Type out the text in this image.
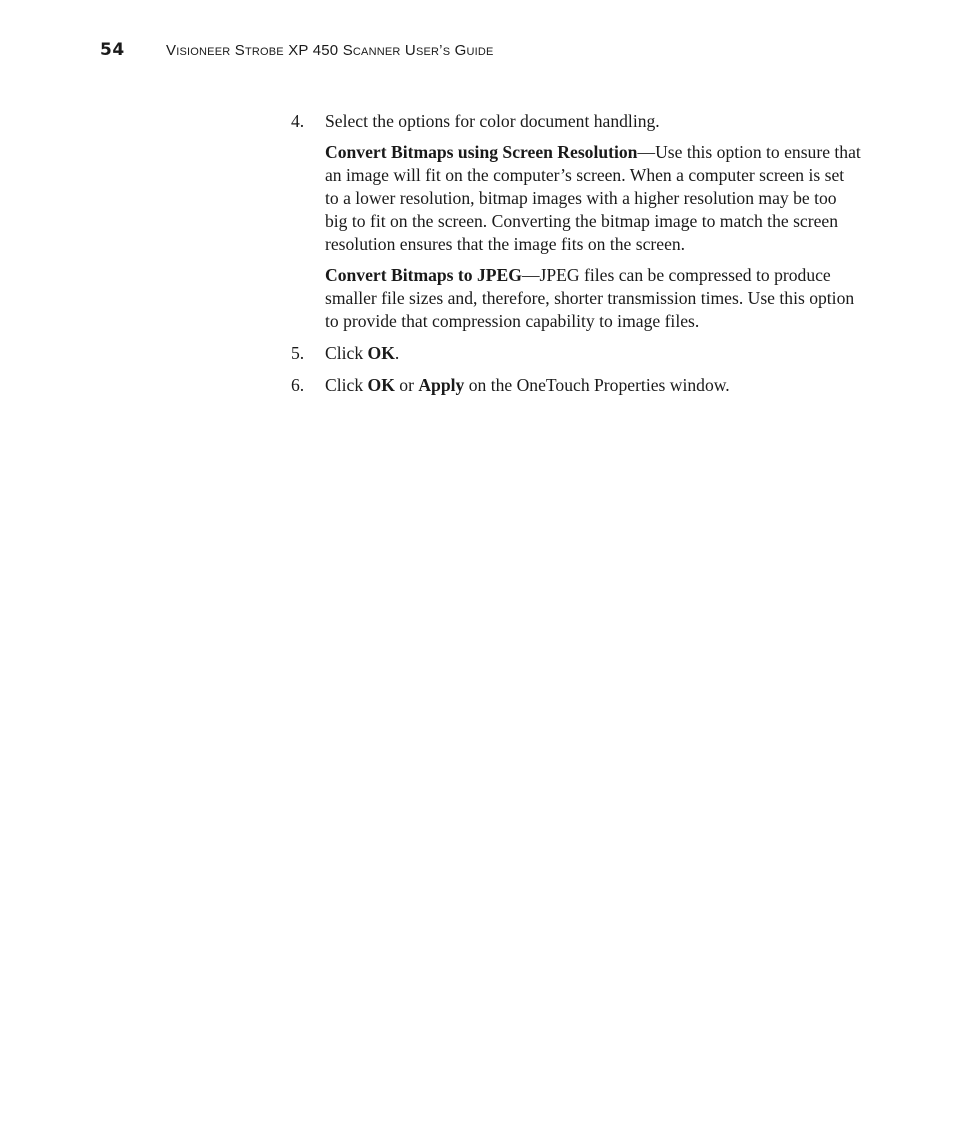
54	Visioneer Strobe XP 450 Scanner User’s Guide
4.	Select the options for color document handling.

Convert Bitmaps using Screen Resolution—Use this option to ensure that an image will fit on the computer’s screen. When a computer screen is set to a lower resolution, bitmap images with a higher resolution may be too big to fit on the screen. Converting the bitmap image to match the screen resolution ensures that the image fits on the screen.

Convert Bitmaps to JPEG—JPEG files can be compressed to produce smaller file sizes and, therefore, shorter transmission times. Use this option to provide that compression capability to image files.

5.	Click OK.

6.	Click OK or Apply on the OneTouch Properties window.
